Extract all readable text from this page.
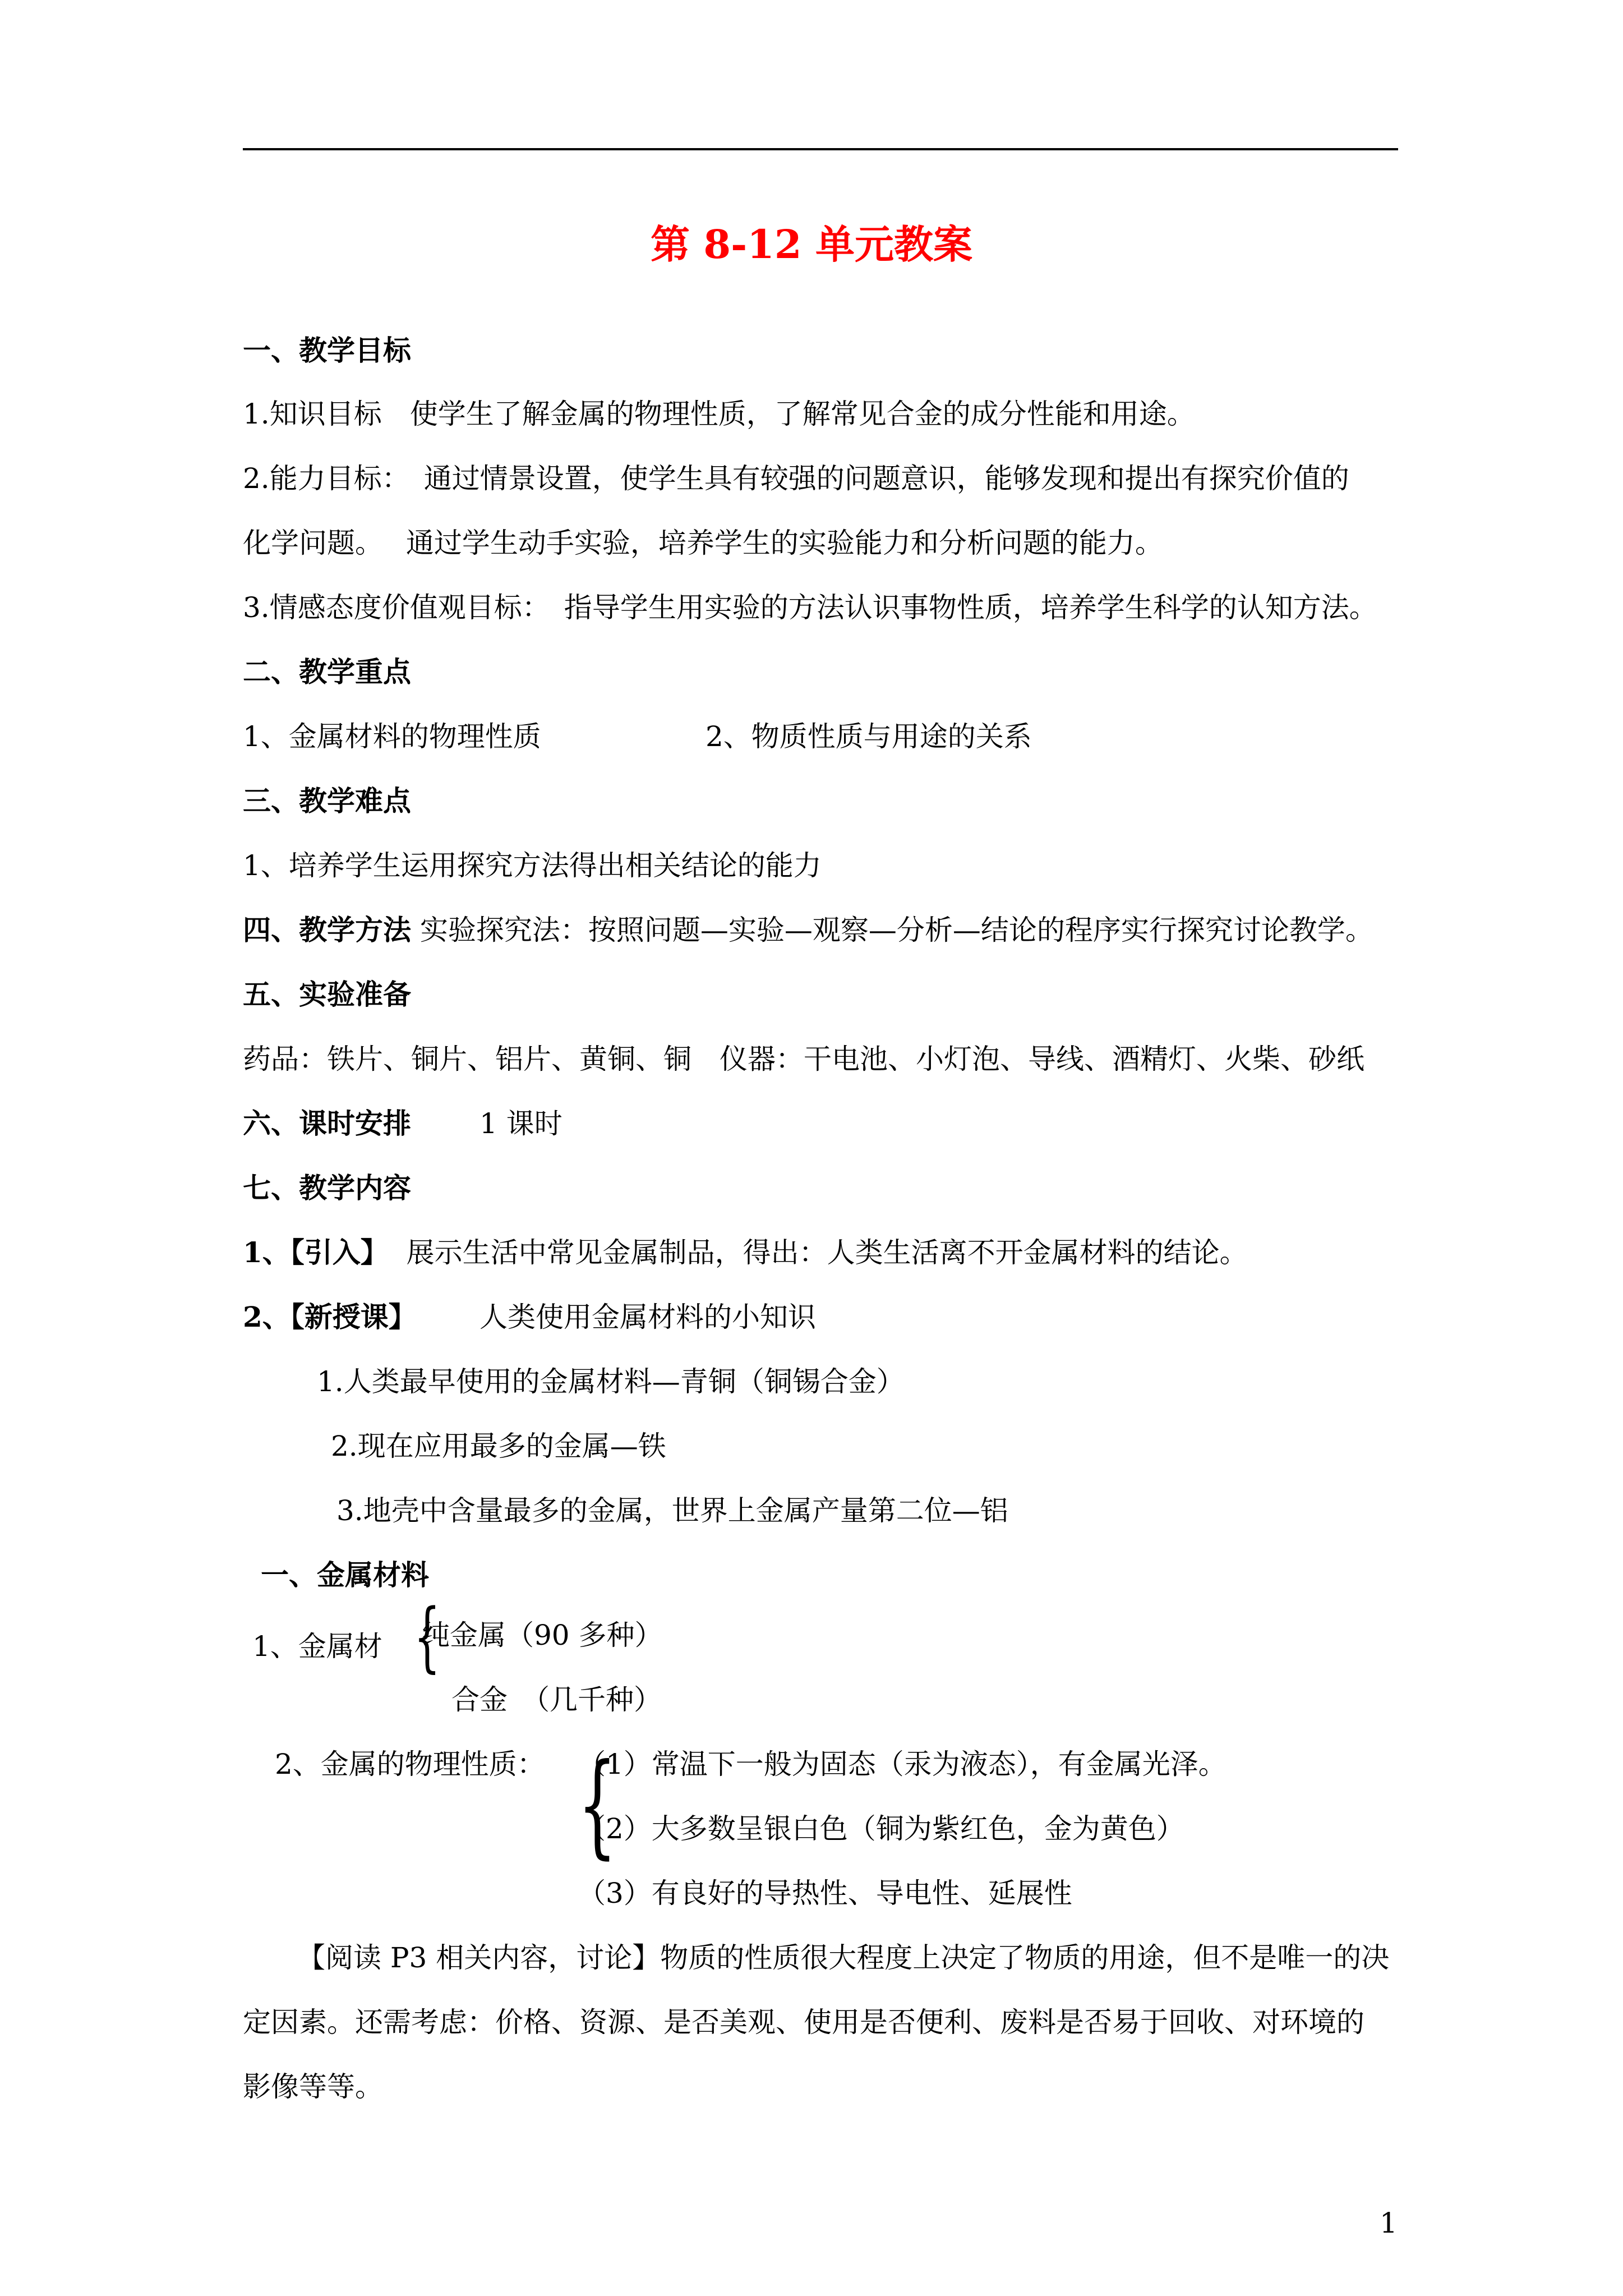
第 8-12 单元教案
一、教学目标
1.知识目标　使学生了解金属的物理性质，了解常见合金的成分性能和用途。
2.能力目标：　通过情景设置，使学生具有较强的问题意识，能够发现和提出有探究价值的
化学问题。　 通过学生动手实验，培养学生的实验能力和分析问题的能力。
3.情感态度价值观目标：　指导学生用实验的方法认识事物性质，培养学生科学的认知方法。
二、教学重点
1、金属材料的物理性质	2、物质性质与用途的关系
三、教学难点
1、培养学生运用探究方法得出相关结论的能力
四、教学方法 实验探究法：按照问题—实验—观察—分析—结论的程序实行探究讨论教学。
五、实验准备
药品：铁片、铜片、铝片、黄铜、铜　仪器：干电池、小灯泡、导线、酒精灯、火柴、砂纸
六、课时安排 1 课时
七、教学内容
1、【引入】 展示生活中常见金属制品，得出：人类生活离不开金属材料的结论。
2、【新授课】 人类使用金属材料的小知识
1.人类最早使用的金属材料—青铜（铜锡合金）
2.现在应用最多的金属—铁
3.地壳中含量最多的金属，世界上金属产量第二位—铝
一、金属材料
1、金属材 {
纯金属（90 多种）
合金　（几千种）
2、金属的物理性质： {
（1）常温下一般为固态（汞为液态），有金属光泽。
（2）大多数呈银白色（铜为紫红色，金为黄色）
（3）有良好的导热性、导电性、延展性
【阅读 P3 相关内容，讨论】物质的性质很大程度上决定了物质的用途，但不是唯一的决
定因素。还需考虑：价格、资源、是否美观、使用是否便利、废料是否易于回收、对环境的
影像等等。
1
